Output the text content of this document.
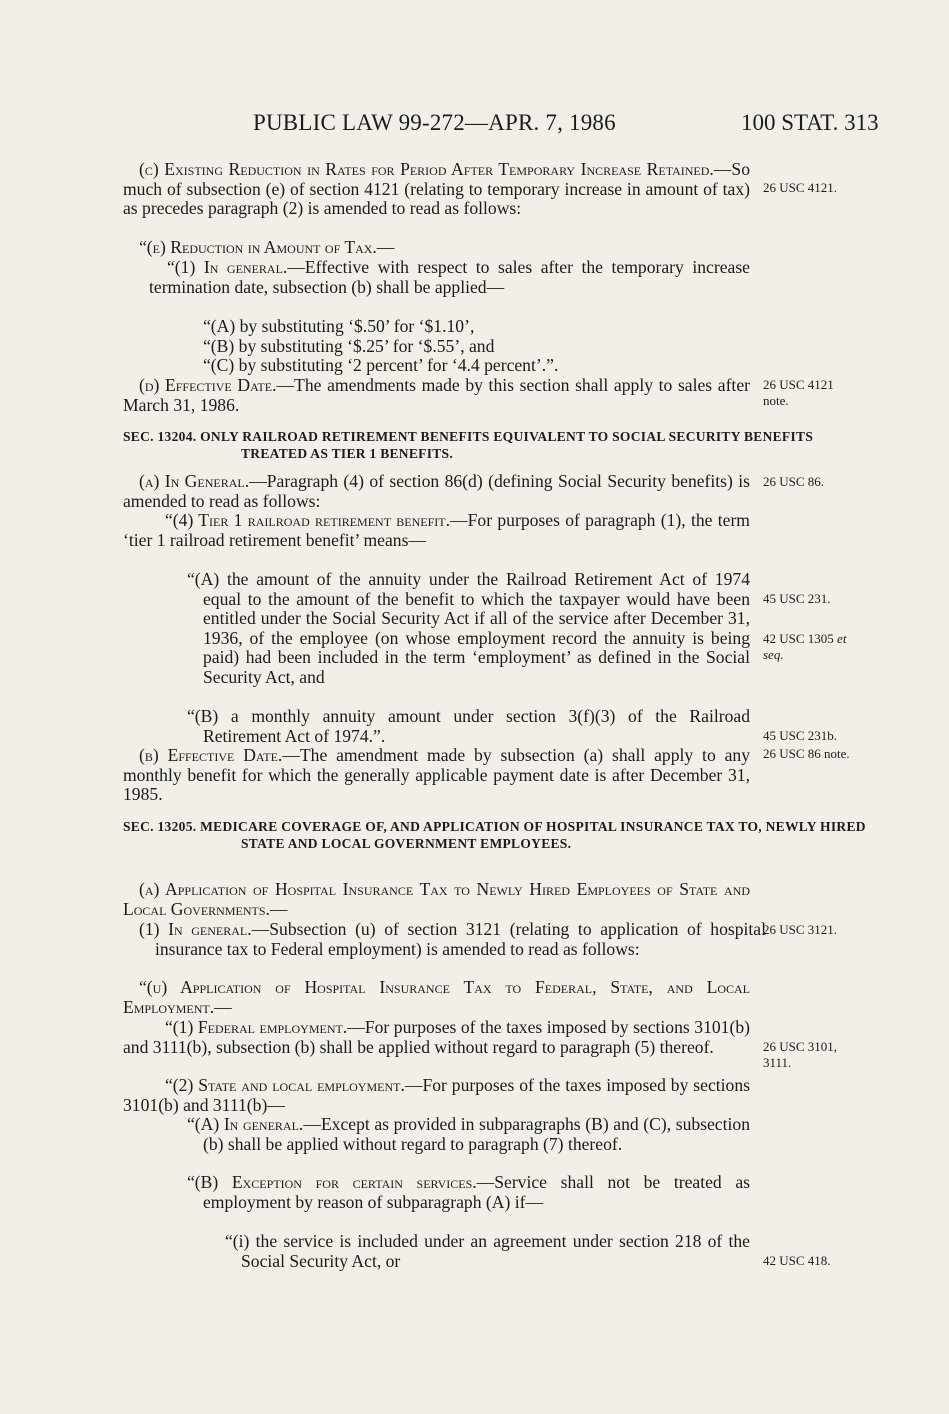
PUBLIC LAW 99-272—APR. 7, 1986	100 STAT. 313
(c) Existing Reduction in Rates for Period After Temporary Increase Retained.—So much of subsection (e) of section 4121 (relating to temporary increase in amount of tax) as precedes paragraph (2) is amended to read as follows:
“(e) Reduction in Amount of Tax.—
“(1) In general.—Effective with respect to sales after the temporary increase termination date, subsection (b) shall be applied—
“(A) by substituting ‘$.50’ for ‘$1.10’,
“(B) by substituting ‘$.25’ for ‘$.55’, and
“(C) by substituting ‘2 percent’ for ‘4.4 percent’.”.
(d) Effective Date.—The amendments made by this section shall apply to sales after March 31, 1986.
SEC. 13204. ONLY RAILROAD RETIREMENT BENEFITS EQUIVALENT TO SOCIAL SECURITY BENEFITS TREATED AS TIER 1 BENEFITS.
(a) In General.—Paragraph (4) of section 86(d) (defining Social Security benefits) is amended to read as follows:
“(4) Tier 1 railroad retirement benefit.—For purposes of paragraph (1), the term ‘tier 1 railroad retirement benefit’ means—
“(A) the amount of the annuity under the Railroad Retirement Act of 1974 equal to the amount of the benefit to which the taxpayer would have been entitled under the Social Security Act if all of the service after December 31, 1936, of the employee (on whose employment record the annuity is being paid) had been included in the term ‘employment’ as defined in the Social Security Act, and
“(B) a monthly annuity amount under section 3(f)(3) of the Railroad Retirement Act of 1974.”.
(b) Effective Date.—The amendment made by subsection (a) shall apply to any monthly benefit for which the generally applicable payment date is after December 31, 1985.
SEC. 13205. MEDICARE COVERAGE OF, AND APPLICATION OF HOSPITAL INSURANCE TAX TO, NEWLY HIRED STATE AND LOCAL GOVERNMENT EMPLOYEES.
(a) Application of Hospital Insurance Tax to Newly Hired Employees of State and Local Governments.—
(1) In general.—Subsection (u) of section 3121 (relating to application of hospital insurance tax to Federal employment) is amended to read as follows:
“(u) Application of Hospital Insurance Tax to Federal, State, and Local Employment.—
“(1) Federal employment.—For purposes of the taxes imposed by sections 3101(b) and 3111(b), subsection (b) shall be applied without regard to paragraph (5) thereof.
“(2) State and local employment.—For purposes of the taxes imposed by sections 3101(b) and 3111(b)—
“(A) In general.—Except as provided in subparagraphs (B) and (C), subsection (b) shall be applied without regard to paragraph (7) thereof.
“(B) Exception for certain services.—Service shall not be treated as employment by reason of subparagraph (A) if—
“(i) the service is included under an agreement under section 218 of the Social Security Act, or
26 USC 4121.
26 USC 4121
note.
26 USC 86.
45 USC 231.
42 USC 1305 et
seq.
45 USC 231b.
26 USC 86 note.
26 USC 3121.
26 USC 3101,
3111.
42 USC 418.
